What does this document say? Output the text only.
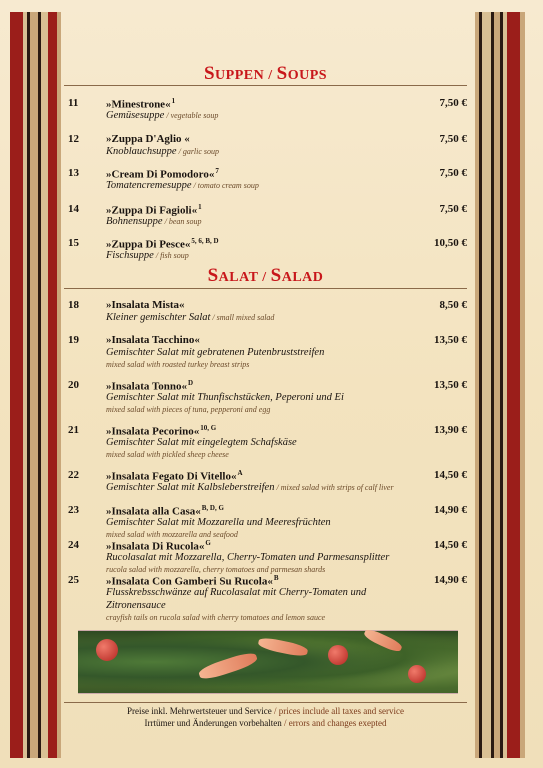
SUPPEN / SOUPS
11	»Minestrone«$^1$	7,50 €
Gemüsesuppe / vegetable soup
12 »Zuppa D'Aglio «	7,50 €
Knoblauchsuppe / garlic soup
13 »Cream Di Pomodoro«$^7$	7,50 €
Tomatencremesuppe / tomato cream soup
14 »Zuppa Di Fagioli«$^1$	7,50 €
Bohnensuppe / bean soup
15 »Zuppa Di Pesce«$^{5, 6, B, D}$	10,50 €
Fischsuppe / fish soup
SALAT / SALAD
18 »Insalata Mista«	8,50 €
Kleiner gemischter Salat / small mixed salad
19 »Insalata Tacchino«	13,50 €
Gemischter Salat mit gebratenen Putenbruststreifen
mixed salad with roasted turkey breast strips
20 »Insalata Tonno«$^D$	13,50 €
Gemischter Salat mit Thunfischstücken, Peperoni und Ei
mixed salad with pieces of tuna, pepperoni and egg
21 »Insalata Pecorino«$^{10, G}$	13,90 €
Gemischter Salat mit eingelegtem Schafskäse
mixed salad with pickled sheep cheese
22 »Insalata Fegato Di Vitello«$^A$	14,50 €
Gemischter Salat mit Kalbsleberstreifen / mixed salad with strips of calf liver
23 »Insalata alla Casa«$^{B, D, G}$	14,90 €
Gemischter Salat mit Mozzarella und Meeresfrüchten
mixed salad with mozzarella and seafood
24 »Insalata Di Rucola«$^G$	14,50 €
Rucolasalat mit Mozzarella, Cherry-Tomaten und Parmesansplitter
rucola salad with mozzarella, cherry tomatoes and parmesan shards
25 »Insalata Con Gamberi Su Rucola«$^B$	14,90 €
Flusskrebsschwänze auf Rucolasalat mit Cherry-Tomaten und
Zitronensauce
crayfish tails on rucola salad with cherry tomatoes and lemon sauce
Preise inkl. Mehrwertsteuer und Service / prices include all taxes and service
Irrtümer und Änderungen vorbehalten / errors and changes exepted
